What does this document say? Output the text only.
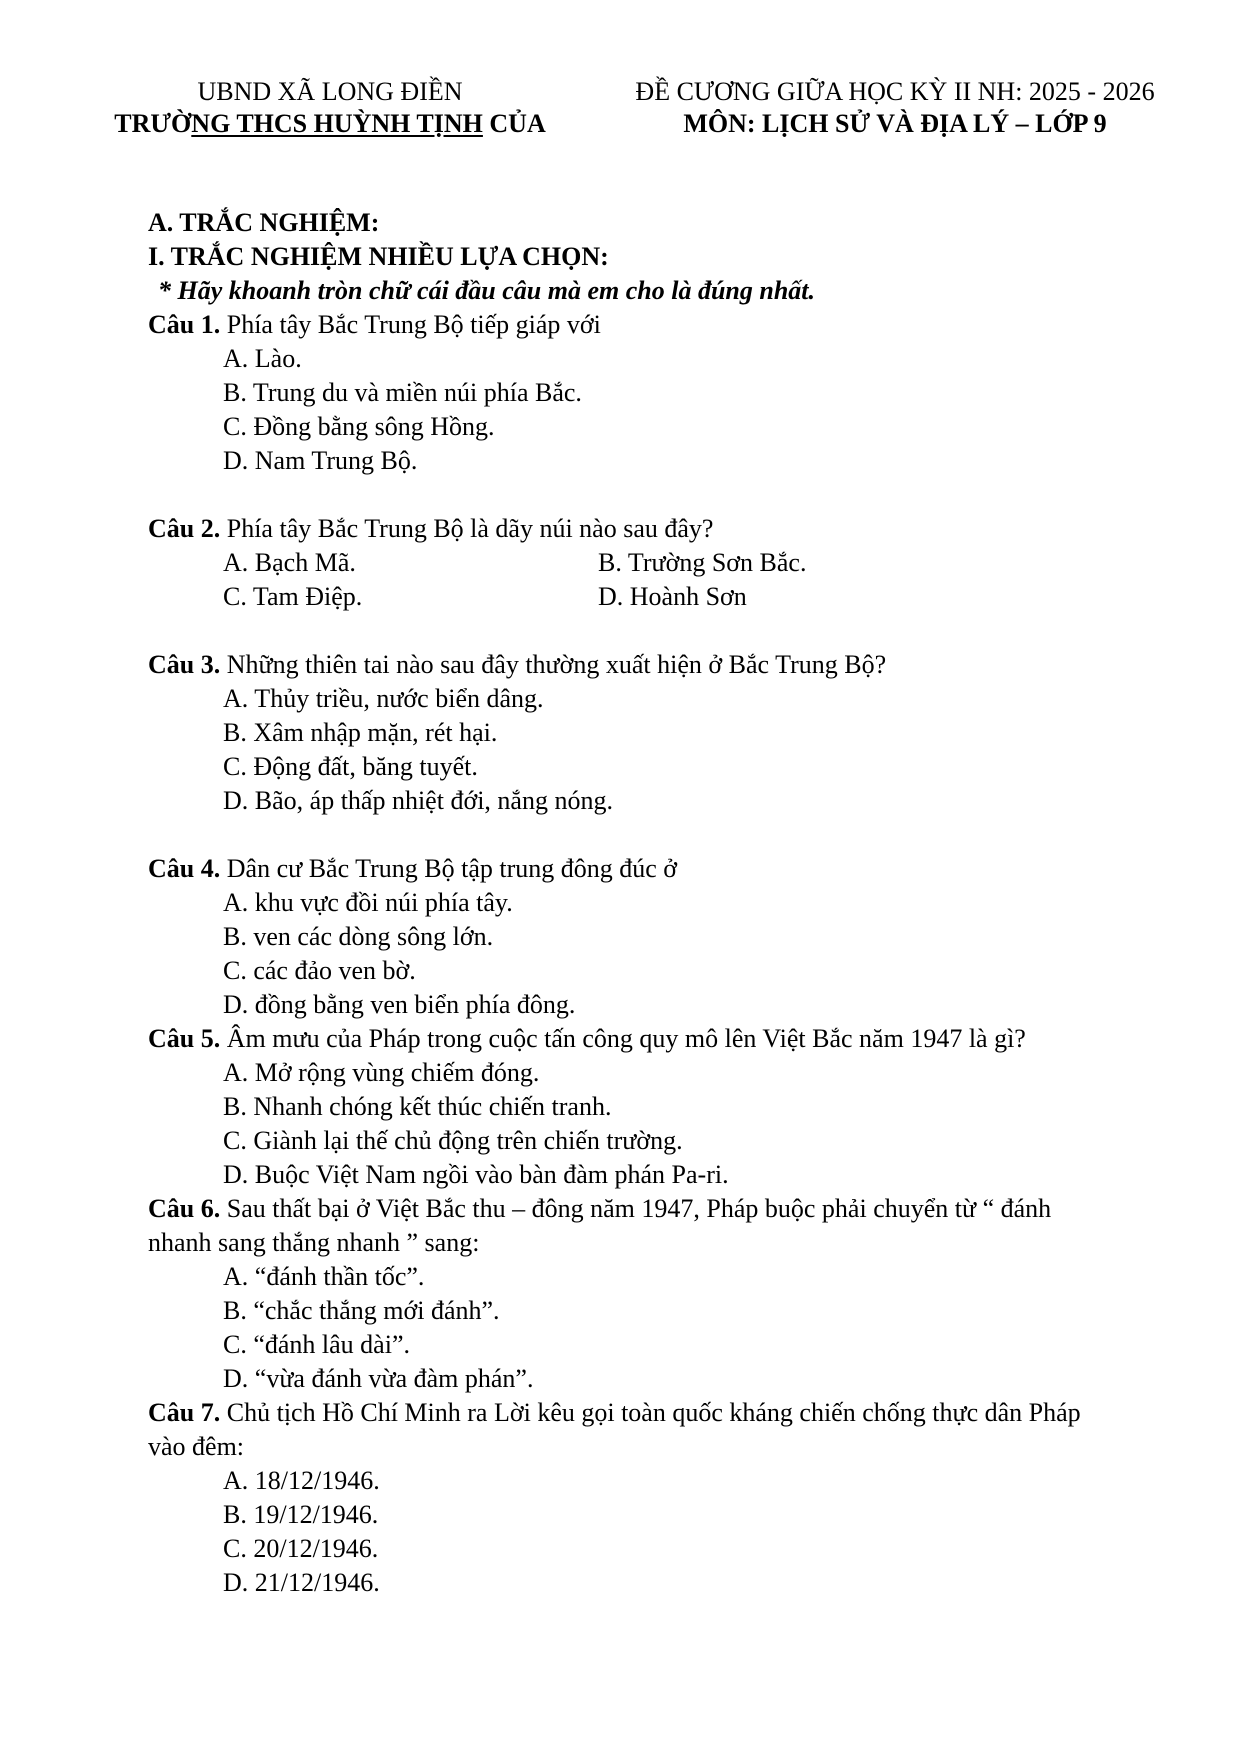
UBND XÃ LONG ĐIỀN
TRƯỜNG THCS HUỲNH TỊNH CỦA
ĐỀ CƯƠNG GIỮA HỌC KỲ II NH: 2025 - 2026
MÔN: LỊCH SỬ VÀ ĐỊA LÝ – LỚP 9
A. TRẮC NGHIỆM:
I. TRẮC NGHIỆM NHIỀU LỰA CHỌN:
* Hãy khoanh tròn chữ cái đầu câu mà em cho là đúng nhất.
Câu 1. Phía tây Bắc Trung Bộ tiếp giáp với
A. Lào.
B. Trung du và miền núi phía Bắc.
C. Đồng bằng sông Hồng.
D. Nam Trung Bộ.
Câu 2. Phía tây Bắc Trung Bộ là dãy núi nào sau đây?
A. Bạch Mã.	B. Trường Sơn Bắc.
C. Tam Điệp.	D. Hoành Sơn
Câu 3. Những thiên tai nào sau đây thường xuất hiện ở Bắc Trung Bộ?
A. Thủy triều, nước biển dâng.
B. Xâm nhập mặn, rét hại.
C. Động đất, băng tuyết.
D. Bão, áp thấp nhiệt đới, nắng nóng.
Câu 4. Dân cư Bắc Trung Bộ tập trung đông đúc ở
A. khu vực đồi núi phía tây.
B. ven các dòng sông lớn.
C. các đảo ven bờ.
D. đồng bằng ven biển phía đông.
Câu 5. Âm mưu của Pháp trong cuộc tấn công quy mô lên Việt Bắc năm 1947 là gì?
A. Mở rộng vùng chiếm đóng.
B. Nhanh chóng kết thúc chiến tranh.
C. Giành lại thế chủ động trên chiến trường.
D. Buộc Việt Nam ngồi vào bàn đàm phán Pa-ri.
Câu 6. Sau thất bại ở Việt Bắc thu – đông năm 1947, Pháp buộc phải chuyển từ “ đánh nhanh sang thắng nhanh ” sang:
A. “đánh thần tốc”.
B. “chắc thắng mới đánh”.
C. “đánh lâu dài”.
D. “vừa đánh vừa đàm phán”.
Câu 7. Chủ tịch Hồ Chí Minh ra Lời kêu gọi toàn quốc kháng chiến chống thực dân Pháp vào đêm:
A. 18/12/1946.
B. 19/12/1946.
C. 20/12/1946.
D. 21/12/1946.
